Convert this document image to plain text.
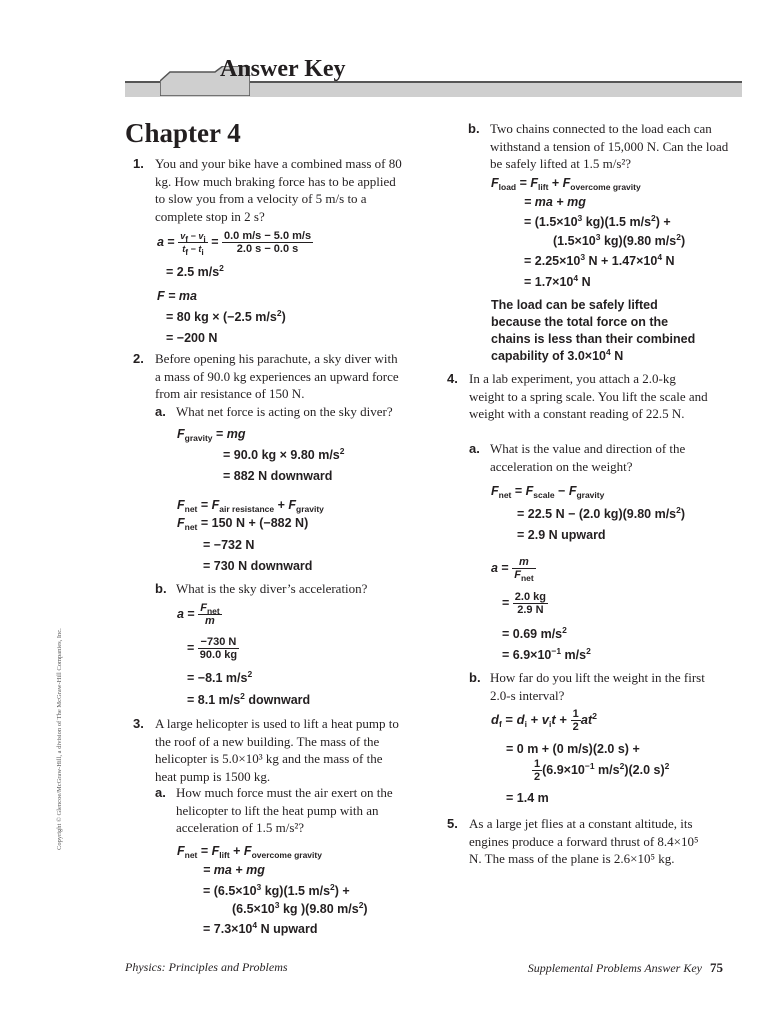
Answer Key
Chapter 4
Copyright © Glencoe/McGraw-Hill, a division of The McGraw-Hill Companies, Inc.
1. You and your bike have a combined mass of 80 kg. How much braking force has to be applied to slow you from a velocity of 5 m/s to a complete stop in 2 s?
$a = \frac{v_f - v_i}{t_f - t_i} = \frac{0.0 m/s - 5.0 m/s}{2.0 s - 0.0 s}$
= 2.5 $m/s^2$
F = ma
= 80 kg × (−2.5 $m/s^2$)
= −200 N
2. Before opening his parachute, a sky diver with a mass of 90.0 kg experiences an upward force from air resistance of 150 N.
a. What net force is acting on the sky diver?
$F_{gravity}$ = mg
= 90.0 kg × 9.80 $m/s^2$
= 882 N downward
$F_{net} = F_{air resistance} + F_{gravity}$
$F_{net} = 150$ N + (−882 N)
= −732 N
= 730 N downward
b. What is the sky diver’s acceleration?
$a = \frac{F_{net}}{m}$
= $\frac{-730 N}{90.0 kg}$
= −8.1 $m/s^2$
= 8.1 $m/s^2$ downward
3. A large helicopter is used to lift a heat pump to the roof of a new building. The mass of the helicopter is 5.0×10³ kg and the mass of the heat pump is 1500 kg.
a. How much force must the air exert on the helicopter to lift the heat pump with an acceleration of 1.5 m/s²?
$F_{net} = F_{lift} + F_{overcome gravity}$
= ma + mg
= ($6.5\times 10^3$ kg)(1.5 $m/s^2$) +
($6.5\times 10^3$ kg )(9.80 $m/s^2$)
= $7.3\times 10^4$ N upward
b. Two chains connected to the load each can withstand a tension of 15,000 N. Can the load be safely lifted at 1.5 m/s²?
$F_{load} = F_{lift} + F_{overcome gravity}$
= ma + mg
= ($1.5\times 10^3$ kg)(1.5 $m/s^2$) +
($1.5\times 10^3$ kg)(9.80 $m/s^2$)
= $2.25\times 10^3$ $N + 1.47\times 10^4$ N
= $1.7\times 10^4$ N
The load can be safely lifted
because the total force on the
chains is less than their combined
capability of $3.0\times 10^4$ N
4. In a lab experiment, you attach a 2.0-kg weight to a spring scale. You lift the scale and weight with a constant reading of 22.5 N.
a. What is the value and direction of the acceleration on the weight?
$F_{net} = F_{scale} - F_{gravity}$
= 22.5 N − (2.0 kg)(9.80 $m/s^2$)
= 2.9 N upward
$a = \frac{m}{F_{net}}$
= $\frac{2.0 kg}{2.9 N}$
= 0.69 $m/s^2$
= $6.9\times 10^{-1}$ $m/s^2$
b. How far do you lift the weight in the first 2.0-s interval?
$d_f = d_i + v_it + \frac{1}{2} at^2$
= 0 m + (0 m/s)(2.0 s) +
$\frac{1}{2} (6.9\times 10^{-1}$ $m/s^2)(2.0$ s)$^2$
= 1.4 m
5. As a large jet flies at a constant altitude, its engines produce a forward thrust of 8.4×10⁵ N. The mass of the plane is 2.6×10⁵ kg.
Physics: Principles and Problems	Supplemental Problems Answer Key 75
